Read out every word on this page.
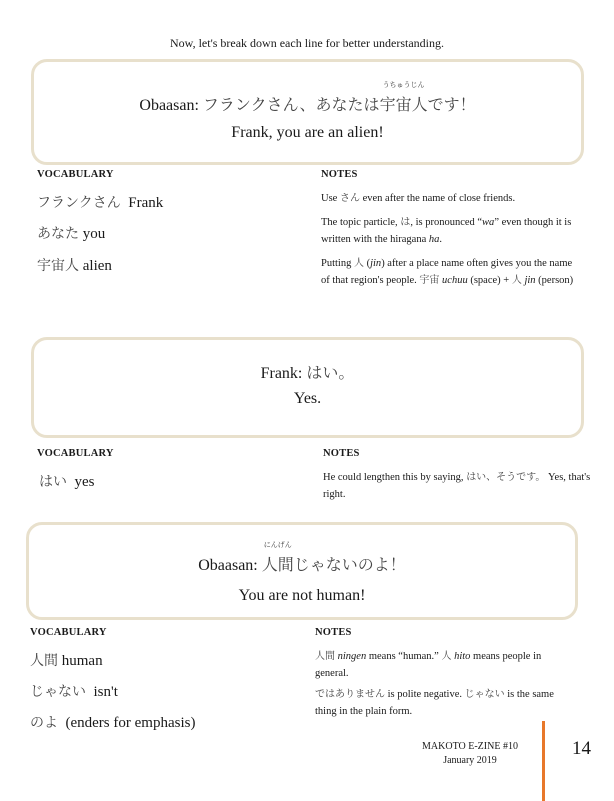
Now, let's break down each line for better understanding.
Obaasan: フランクさん、あなたは
うちゅうじん
宇宙人です！
Frank, you are an alien!
VOCABULARY	NOTES
フランクさん Frank
あなた you
宇宙人 alien
Use さん even after the name of close friends.
The topic particle, は, is pronounced “wa” even though it is written with the hiragana ha.
Putting 人 (jin) after a place name often gives you the name of that region's people. 宇宙 uchuu (space) + 人 jin (person)
Frank: はい。
Yes.
VOCABULARY	NOTES
はい yes	He could lengthen this by saying, はい、そうです。 Yes, that's right.
Obaasan:
にんげん
人間じゃないのよ！
You are not human!
VOCABULARY	NOTES
人間 human
じゃない isn't
のよ (enders for emphasis)
人間 ningen means “human.” 人 hito means people in general.
ではありません is polite negative. じゃない is the same thing in the plain form.
MAKOTO E-ZINE #10
January 2019
14
